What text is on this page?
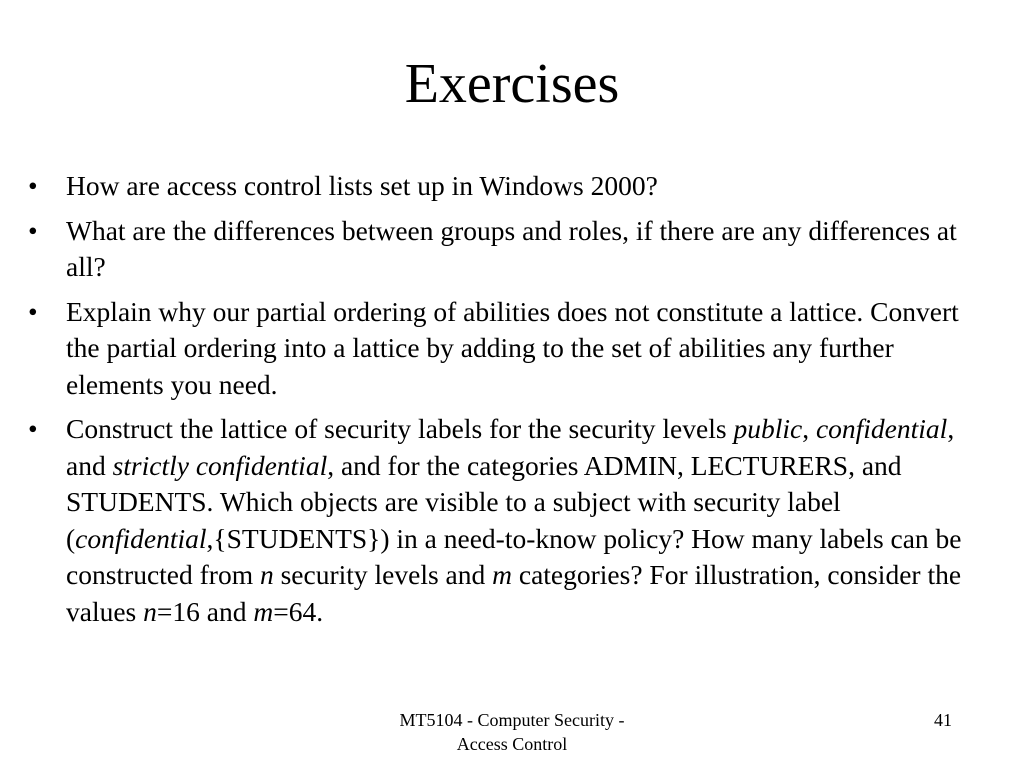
Exercises
• How are access control lists set up in Windows 2000?
• What are the differences between groups and roles, if there are any differences at all?
• Explain why our partial ordering of abilities does not constitute a lattice. Convert the partial ordering into a lattice by adding to the set of abilities any further elements you need.
• Construct the lattice of security labels for the security levels public, confidential, and strictly confidential, and for the categories ADMIN, LECTURERS, and STUDENTS. Which objects are visible to a subject with security label (confidential,{STUDENTS}) in a need-to-know policy? How many labels can be constructed from n security levels and m categories? For illustration, consider the values n=16 and m=64.
MT5104 - Computer Security -
Access Control
41
